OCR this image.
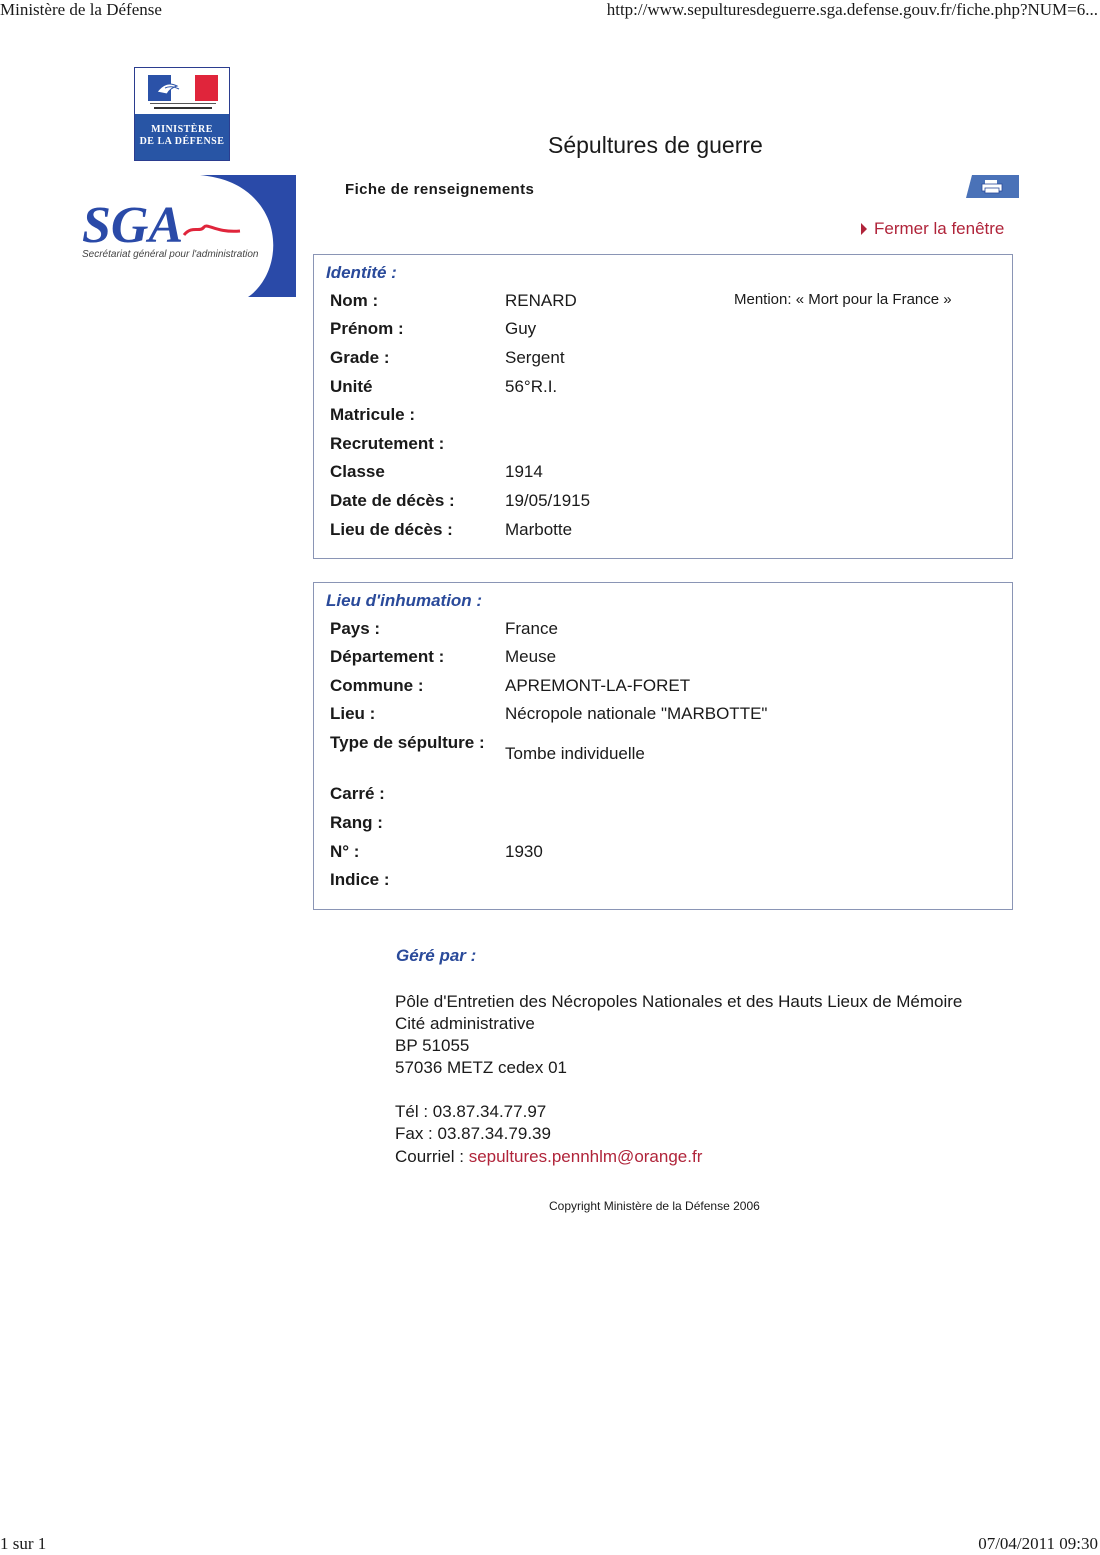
Ministère de la Défense	http://www.sepulturesdeguerre.sga.defense.gouv.fr/fiche.php?NUM=6...
MINISTÈRE
DE LA DÉFENSE
SGA
Secrétariat général pour l'administration
Sépultures de guerre
Fiche de renseignements
Fermer la fenêtre
Identité :
Mention: « Mort pour la France »
Nom :	RENARD
Prénom :	Guy
Grade :	Sergent
Unité	56°R.I.
Matricule :
Recrutement :
Classe	1914
Date de décès :	19/05/1915
Lieu de décès :	Marbotte
Lieu d'inhumation :
Pays :	France
Département :	Meuse
Commune :	APREMONT-LA-FORET
Lieu :	Nécropole nationale "MARBOTTE"
Type de sépulture :
Tombe individuelle
Carré :
Rang :
N° :	1930
Indice :
Géré par :
Pôle d'Entretien des Nécropoles Nationales et des Hauts Lieux de Mémoire
Cité administrative
BP 51055
57036 METZ cedex 01
Tél : 03.87.34.77.97
Fax : 03.87.34.79.39
Courriel : sepultures.pennhlm@orange.fr
Copyright Ministère de la Défense 2006
1 sur 1	07/04/2011 09:30
